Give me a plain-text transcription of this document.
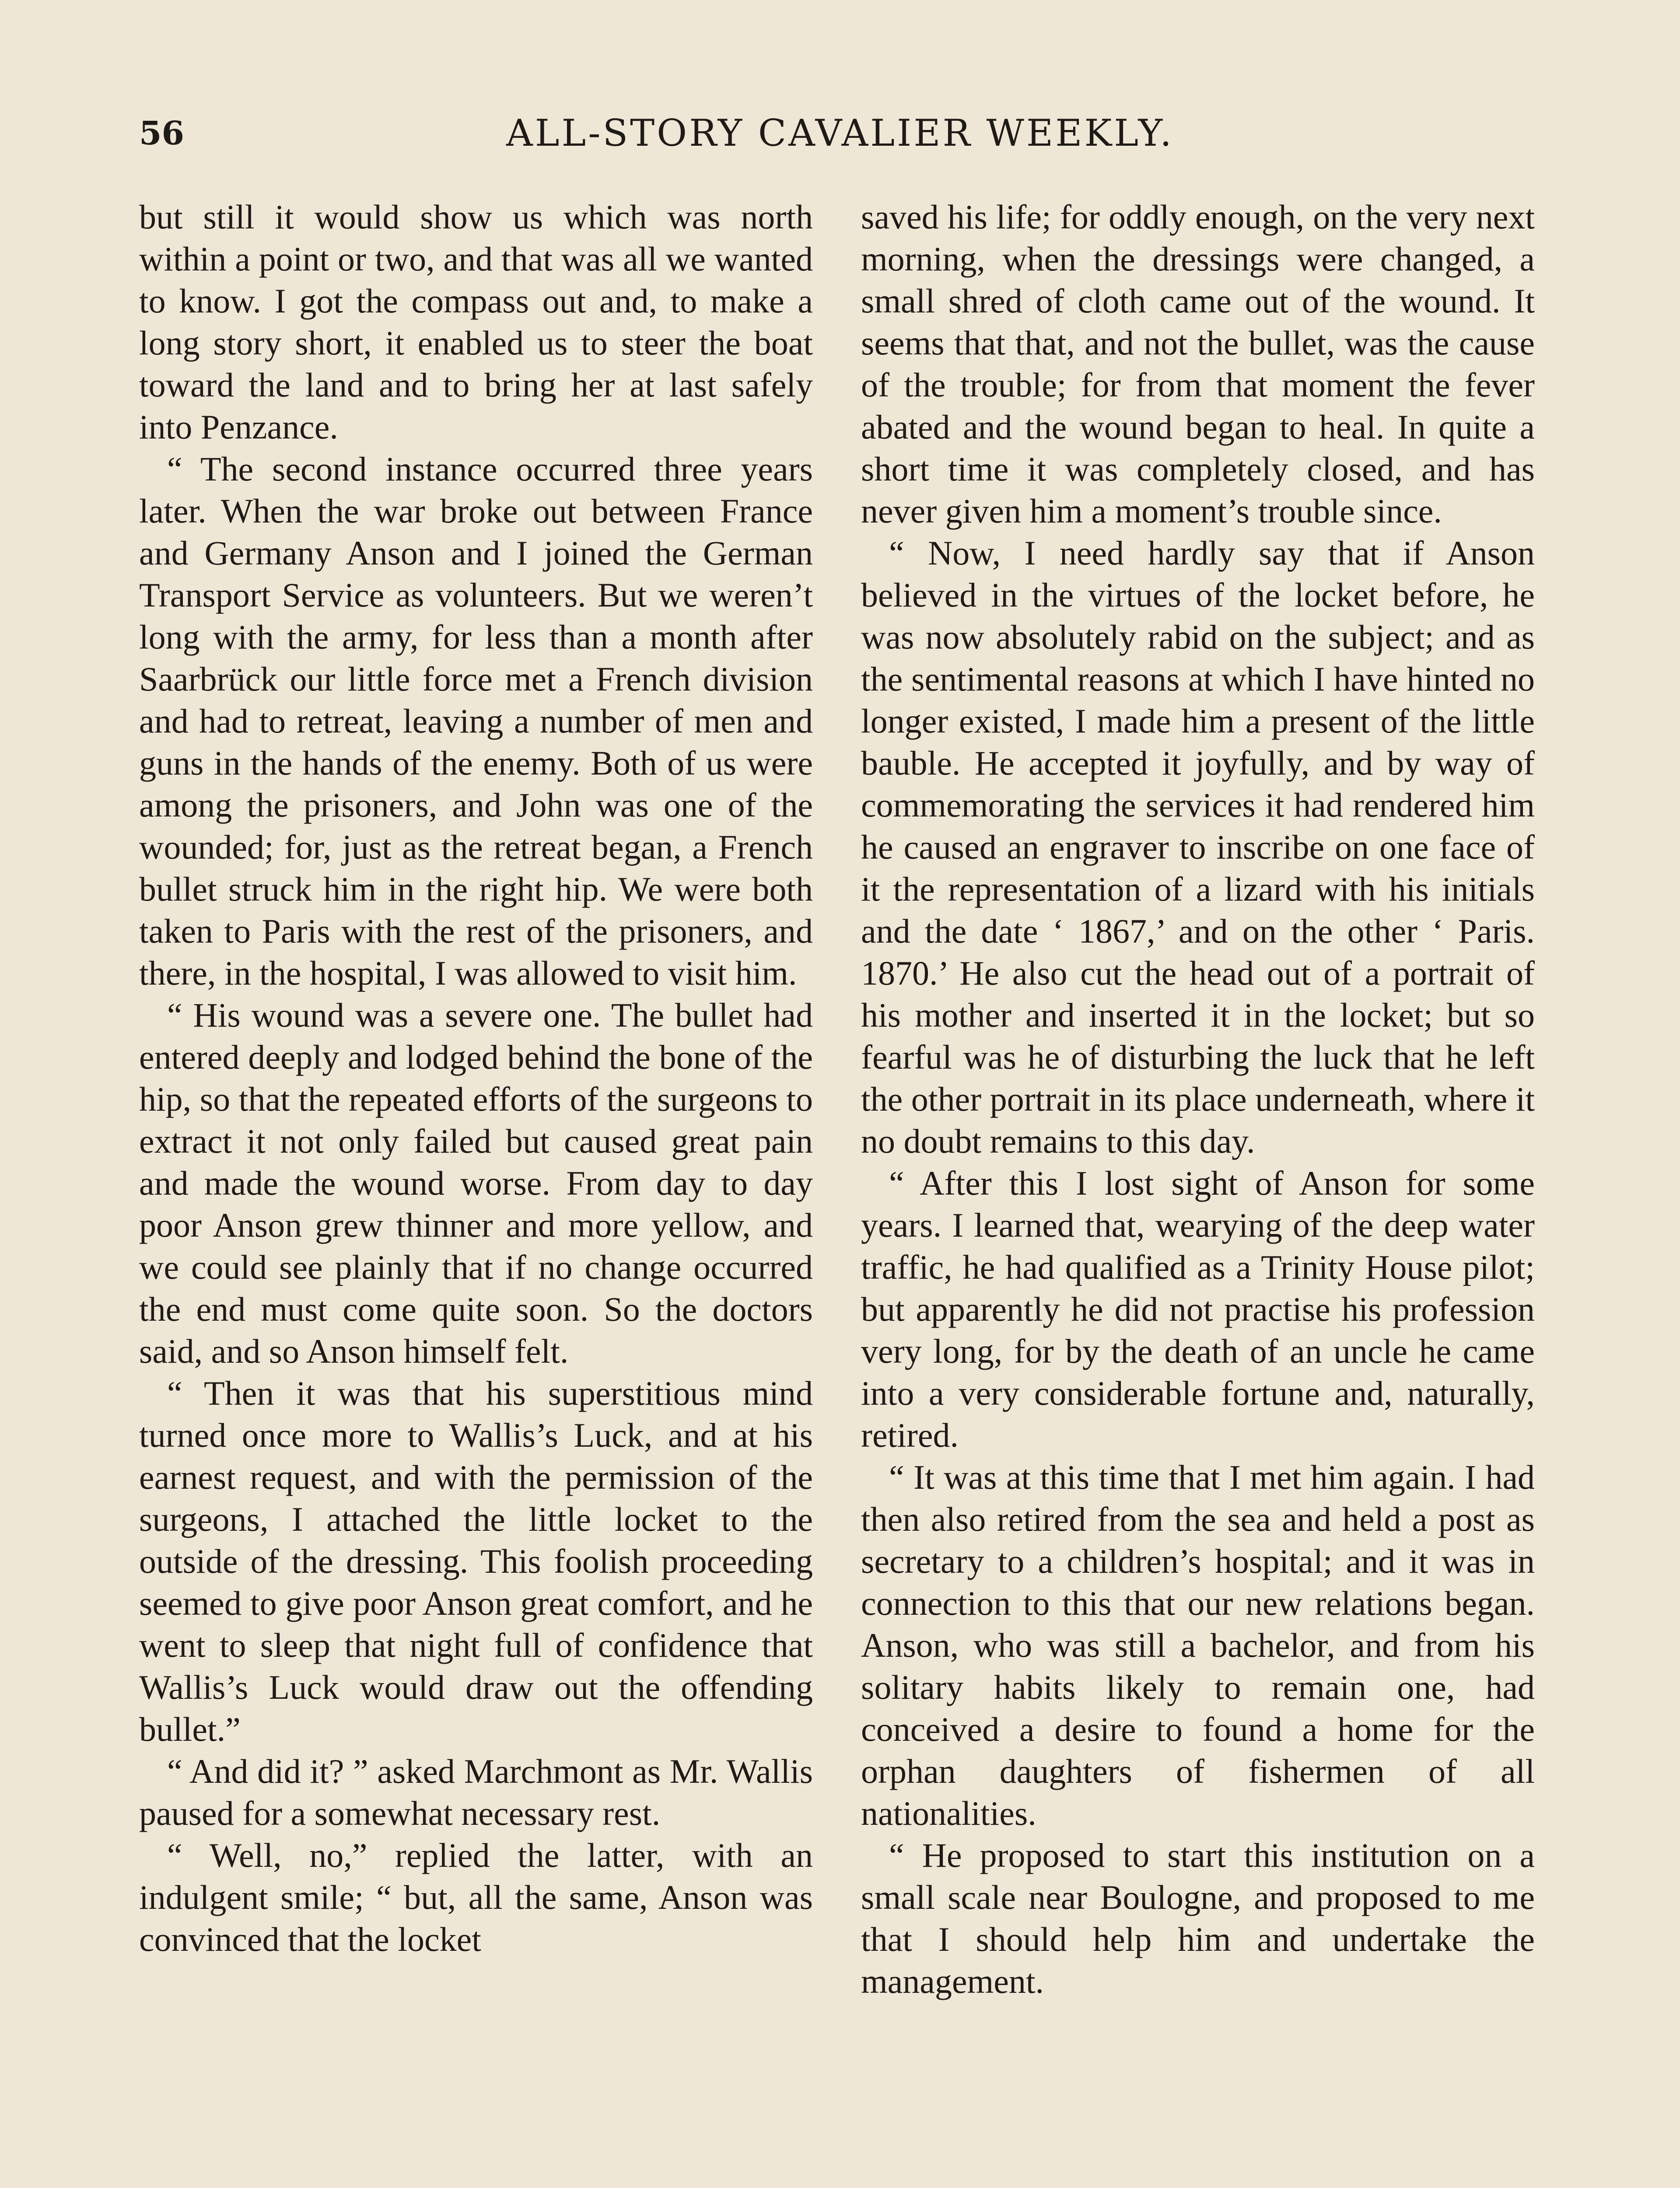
56	ALL-STORY CAVALIER WEEKLY.

but still it would show us which was north within a point or two, and that was all we wanted to know. I got the compass out and, to make a long story short, it enabled us to steer the boat toward the land and to bring her at last safely into Penzance.

“ The second instance occurred three years later. When the war broke out between France and Germany Anson and I joined the German Transport Service as volunteers. But we weren’t long with the army, for less than a month after Saarbrück our little force met a French division and had to retreat, leaving a number of men and guns in the hands of the enemy. Both of us were among the prisoners, and John was one of the wounded; for, just as the retreat began, a French bullet struck him in the right hip. We were both taken to Paris with the rest of the prisoners, and there, in the hospital, I was allowed to visit him.

“ His wound was a severe one. The bullet had entered deeply and lodged behind the bone of the hip, so that the repeated efforts of the surgeons to extract it not only failed but caused great pain and made the wound worse. From day to day poor Anson grew thinner and more yellow, and we could see plainly that if no change occurred the end must come quite soon. So the doctors said, and so Anson himself felt.

“ Then it was that his superstitious mind turned once more to Wallis’s Luck, and at his earnest request, and with the permission of the surgeons, I attached the little locket to the outside of the dressing. This foolish proceeding seemed to give poor Anson great comfort, and he went to sleep that night full of confidence that Wallis’s Luck would draw out the offending bullet.”

“ And did it? ” asked Marchmont as Mr. Wallis paused for a somewhat necessary rest.

“ Well, no,” replied the latter, with an indulgent smile; “ but, all the same, Anson was convinced that the locket

saved his life; for oddly enough, on the very next morning, when the dressings were changed, a small shred of cloth came out of the wound. It seems that that, and not the bullet, was the cause of the trouble; for from that moment the fever abated and the wound began to heal. In quite a short time it was completely closed, and has never given him a moment’s trouble since.

“ Now, I need hardly say that if Anson believed in the virtues of the locket before, he was now absolutely rabid on the subject; and as the sentimental reasons at which I have hinted no longer existed, I made him a present of the little bauble. He accepted it joyfully, and by way of commemorating the services it had rendered him he caused an engraver to inscribe on one face of it the representation of a lizard with his initials and the date ‘ 1867,’ and on the other ‘ Paris. 1870.’ He also cut the head out of a portrait of his mother and inserted it in the locket; but so fearful was he of disturbing the luck that he left the other portrait in its place underneath, where it no doubt remains to this day.

“ After this I lost sight of Anson for some years. I learned that, wearying of the deep water traffic, he had qualified as a Trinity House pilot; but apparently he did not practise his profession very long, for by the death of an uncle he came into a very considerable fortune and, naturally, retired.

“ It was at this time that I met him again. I had then also retired from the sea and held a post as secretary to a children’s hospital; and it was in connection to this that our new relations began. Anson, who was still a bachelor, and from his solitary habits likely to remain one, had conceived a desire to found a home for the orphan daughters of fishermen of all nationalities.

“ He proposed to start this institution on a small scale near Boulogne, and proposed to me that I should help him and undertake the management.
